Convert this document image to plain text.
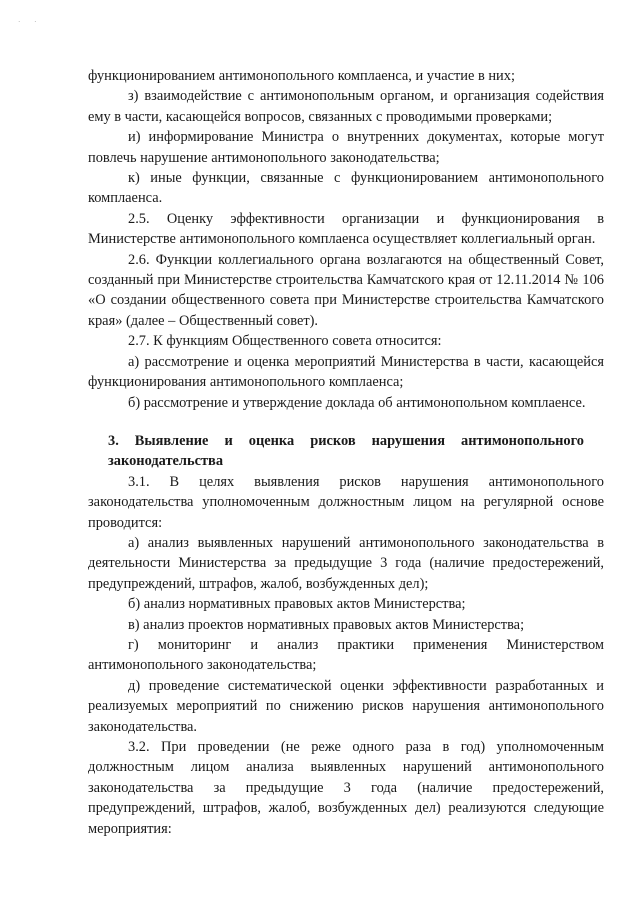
· ·

функционированием антимонопольного комплаенса, и участие в них;

з) взаимодействие с антимонопольным органом, и организация содействия ему в части, касающейся вопросов, связанных с проводимыми проверками;

и) информирование Министра о внутренних документах, которые могут повлечь нарушение антимонопольного законодательства;

к) иные функции, связанные с функционированием антимонопольного комплаенса.

2.5. Оценку эффективности организации и функционирования в Министерстве антимонопольного комплаенса осуществляет коллегиальный орган.

2.6. Функции коллегиального органа возлагаются на общественный Совет, созданный при Министерстве строительства Камчатского края от 12.11.2014 № 106 «О создании общественного совета при Министерстве строительства Камчатского края» (далее – Общественный совет).

2.7. К функциям Общественного совета относится:

а) рассмотрение и оценка мероприятий Министерства в части, касающейся функционирования антимонопольного комплаенса;

б) рассмотрение и утверждение доклада об антимонопольном комплаенсе.

3. Выявление и оценка рисков нарушения антимонопольного законодательства

3.1. В целях выявления рисков нарушения антимонопольного законодательства уполномоченным должностным лицом на регулярной основе проводится:

а) анализ выявленных нарушений антимонопольного законодательства в деятельности Министерства за предыдущие 3 года (наличие предостережений, предупреждений, штрафов, жалоб, возбужденных дел);

б) анализ нормативных правовых актов Министерства;

в) анализ проектов нормативных правовых актов Министерства;

г) мониторинг и анализ практики применения Министерством антимонопольного законодательства;

д) проведение систематической оценки эффективности разработанных и реализуемых мероприятий по снижению рисков нарушения антимонопольного законодательства.

3.2. При проведении (не реже одного раза в год) уполномоченным должностным лицом анализа выявленных нарушений антимонопольного законодательства за предыдущие 3 года (наличие предостережений, предупреждений, штрафов, жалоб, возбужденных дел) реализуются следующие мероприятия:
